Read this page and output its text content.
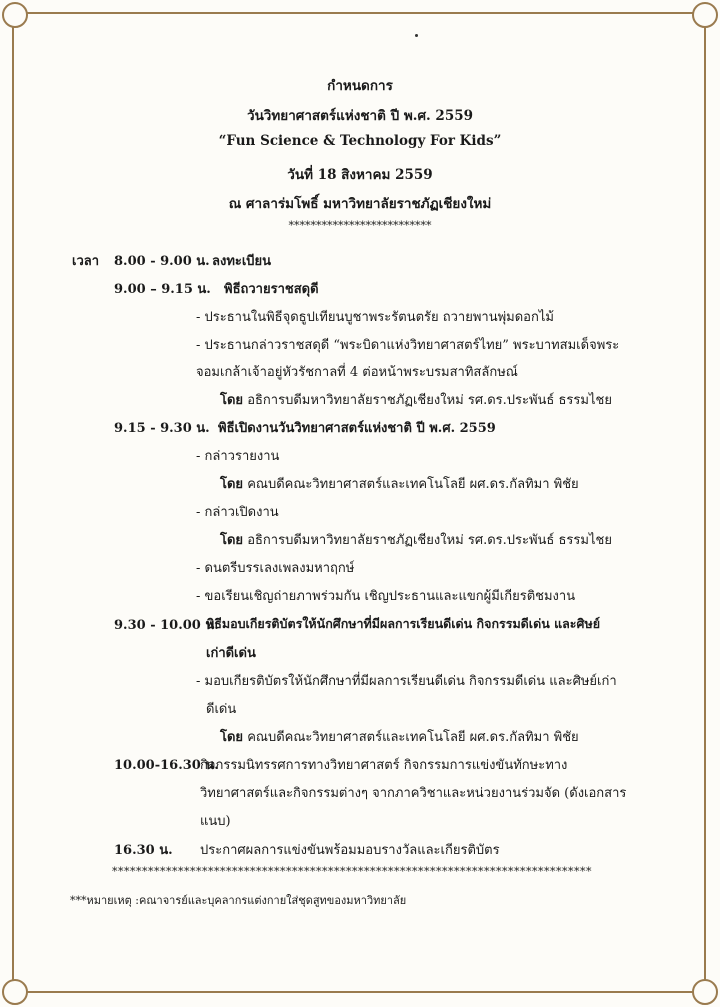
กำหนดการ
วันวิทยาศาสตร์แห่งชาติ ปี พ.ศ. 2559
“Fun Science & Technology For Kids”
วันที่ 18 สิงหาคม 2559
ณ ศาลาร่มโพธิ์ มหาวิทยาลัยราชภัฏเชียงใหม่
**************************
เวลา 8.00 - 9.00 น. ลงทะเบียน
9.00 – 9.15 น. พิธีถวายราชสดุดี
- ประธานในพิธีจุดธูปเทียนบูชาพระรัตนตรัย ถวายพานพุ่มดอกไม้
- ประธานกล่าวราชสดุดี “พระบิดาแห่งวิทยาศาสตร์ไทย” พระบาทสมเด็จพระ
จอมเกล้าเจ้าอยู่หัวรัชกาลที่ 4 ต่อหน้าพระบรมสาทิสลักษณ์
โดย อธิการบดีมหาวิทยาลัยราชภัฏเชียงใหม่ รศ.ดร.ประพันธ์ ธรรมไชย
9.15 - 9.30 น. พิธีเปิดงานวันวิทยาศาสตร์แห่งชาติ ปี พ.ศ. 2559
- กล่าวรายงาน
โดย คณบดีคณะวิทยาศาสตร์และเทคโนโลยี ผศ.ดร.กัลทิมา พิชัย
- กล่าวเปิดงาน
โดย อธิการบดีมหาวิทยาลัยราชภัฏเชียงใหม่ รศ.ดร.ประพันธ์ ธรรมไชย
- ดนตรีบรรเลงเพลงมหาฤกษ์
- ขอเรียนเชิญถ่ายภาพร่วมกัน เชิญประธานและแขกผู้มีเกียรติชมงาน
9.30 - 10.00 น.
พิธีมอบเกียรติบัตรให้นักศึกษาที่มีผลการเรียนดีเด่น กิจกรรมดีเด่น และศิษย์
เก่าดีเด่น
- มอบเกียรติบัตรให้นักศึกษาที่มีผลการเรียนดีเด่น กิจกรรมดีเด่น และศิษย์เก่า
ดีเด่น
โดย คณบดีคณะวิทยาศาสตร์และเทคโนโลยี ผศ.ดร.กัลทิมา พิชัย
10.00-16.30 น.
กิจกรรมนิทรรศการทางวิทยาศาสตร์ กิจกรรมการแข่งขันทักษะทาง
วิทยาศาสตร์และกิจกรรมต่างๆ จากภาควิชาและหน่วยงานร่วมจัด (ดังเอกสาร
แนบ)
16.30 น. ประกาศผลการแข่งขันพร้อมมอบรางวัลและเกียรติบัตร
********************************************************************************
***หมายเหตุ :คณาจารย์และบุคลากรแต่งกายใส่ชุดสูทของมหาวิทยาลัย
